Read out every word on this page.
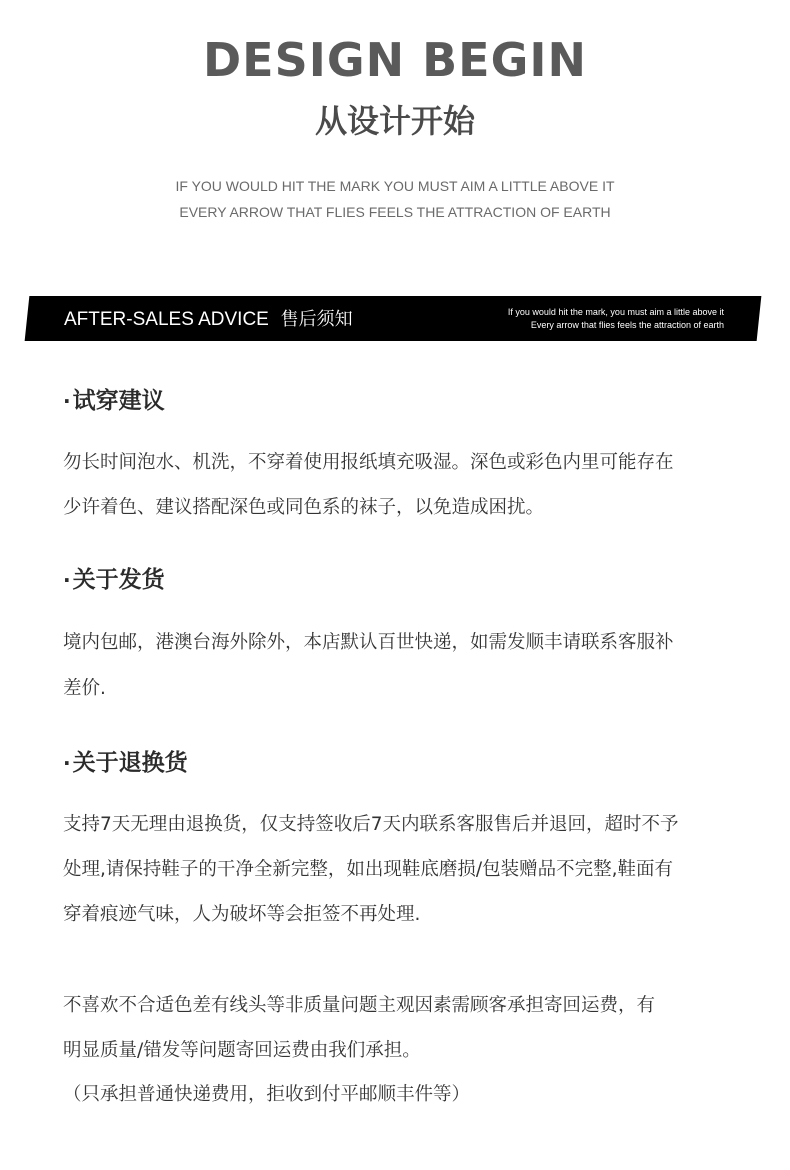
DESIGN BEGIN
从设计开始
IF YOU WOULD HIT THE MARK YOU MUST AIM A LITTLE ABOVE IT
EVERY ARROW THAT FLIES FEELS THE ATTRACTION OF EARTH
AFTER-SALES ADVICE 售后须知	If you would hit the mark, you must aim a little above it
Every arrow that flies feels the attraction of earth
·试穿建议
勿长时间泡水、机洗，不穿着使用报纸填充吸湿。深色或彩色内里可能存在
少许着色、建议搭配深色或同色系的袜子，以免造成困扰。
·关于发货
境内包邮，港澳台海外除外，本店默认百世快递，如需发顺丰请联系客服补
差价.
·关于退换货
支持7天无理由退换货，仅支持签收后7天内联系客服售后并退回，超时不予
处理,请保持鞋子的干净全新完整，如出现鞋底磨损/包装赠品不完整,鞋面有
穿着痕迹气味，人为破坏等会拒签不再处理.
不喜欢不合适色差有线头等非质量问题主观因素需顾客承担寄回运费，有
明显质量/错发等问题寄回运费由我们承担。
（只承担普通快递费用，拒收到付平邮顺丰件等）
